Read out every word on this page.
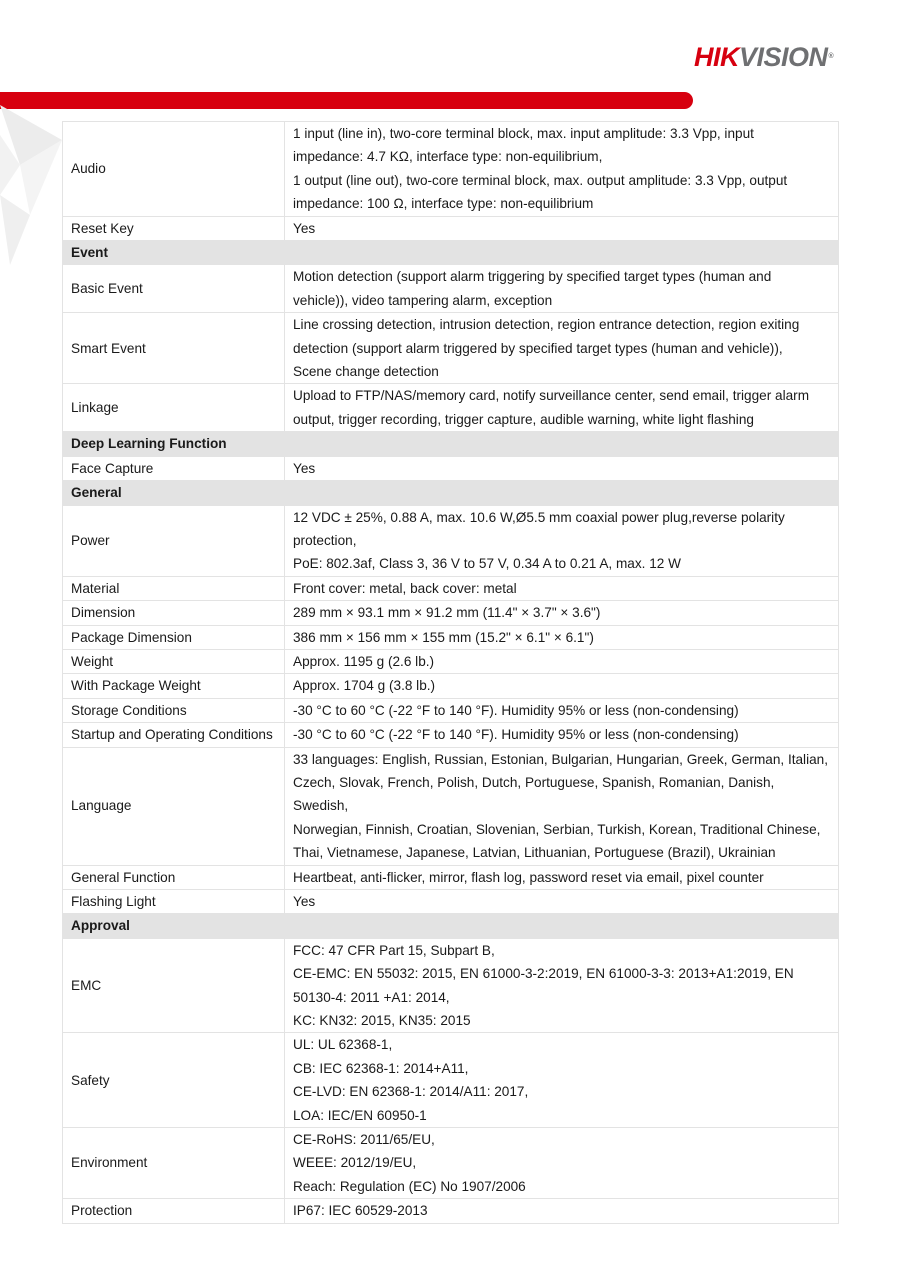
HIKVISION®
Audio	1 input (line in), two-core terminal block, max. input amplitude: 3.3 Vpp, input
impedance: 4.7 KΩ, interface type: non-equilibrium,
1 output (line out), two-core terminal block, max. output amplitude: 3.3 Vpp, output
impedance: 100 Ω, interface type: non-equilibrium

Reset Key	Yes

Event	
Basic Event	Motion detection (support alarm triggering by specified target types (human and
vehicle)), video tampering alarm, exception

Smart Event	Line crossing detection, intrusion detection, region entrance detection, region exiting
detection (support alarm triggered by specified target types (human and vehicle)),
Scene change detection

Linkage	Upload to FTP/NAS/memory card, notify surveillance center, send email, trigger alarm
output, trigger recording, trigger capture, audible warning, white light flashing

Deep Learning Function	
Face Capture	Yes

General	
Power	12 VDC ± 25%, 0.88 A, max. 10.6 W,Ø5.5 mm coaxial power plug,reverse polarity
protection,
PoE: 802.3af, Class 3, 36 V to 57 V, 0.34 A to 0.21 A, max. 12 W

Material	Front cover: metal, back cover: metal

Dimension	289 mm × 93.1 mm × 91.2 mm (11.4" × 3.7" × 3.6")

Package Dimension	386 mm × 156 mm × 155 mm (15.2" × 6.1" × 6.1")

Weight	Approx. 1195 g (2.6 lb.)

With Package Weight	Approx. 1704 g (3.8 lb.)

Storage Conditions	-30 °C to 60 °C (-22 °F to 140 °F). Humidity 95% or less (non-condensing)

Startup and Operating Conditions	-30 °C to 60 °C (-22 °F to 140 °F). Humidity 95% or less (non-condensing)

Language	33 languages: English, Russian, Estonian, Bulgarian, Hungarian, Greek, German, Italian,
Czech, Slovak, French, Polish, Dutch, Portuguese, Spanish, Romanian, Danish, Swedish,
Norwegian, Finnish, Croatian, Slovenian, Serbian, Turkish, Korean, Traditional Chinese,
Thai, Vietnamese, Japanese, Latvian, Lithuanian, Portuguese (Brazil), Ukrainian

General Function	Heartbeat, anti-flicker, mirror, flash log, password reset via email, pixel counter

Flashing Light	Yes

Approval	
EMC	FCC: 47 CFR Part 15, Subpart B,
CE-EMC: EN 55032: 2015, EN 61000-3-2:2019, EN 61000-3-3: 2013+A1:2019, EN
50130-4: 2011 +A1: 2014,
KC: KN32: 2015, KN35: 2015

Safety	UL: UL 62368-1,
CB: IEC 62368-1: 2014+A11,
CE-LVD: EN 62368-1: 2014/A11: 2017,
LOA: IEC/EN 60950-1

Environment	CE-RoHS: 2011/65/EU,
WEEE: 2012/19/EU,
Reach: Regulation (EC) No 1907/2006

Protection	IP67: IEC 60529-2013
